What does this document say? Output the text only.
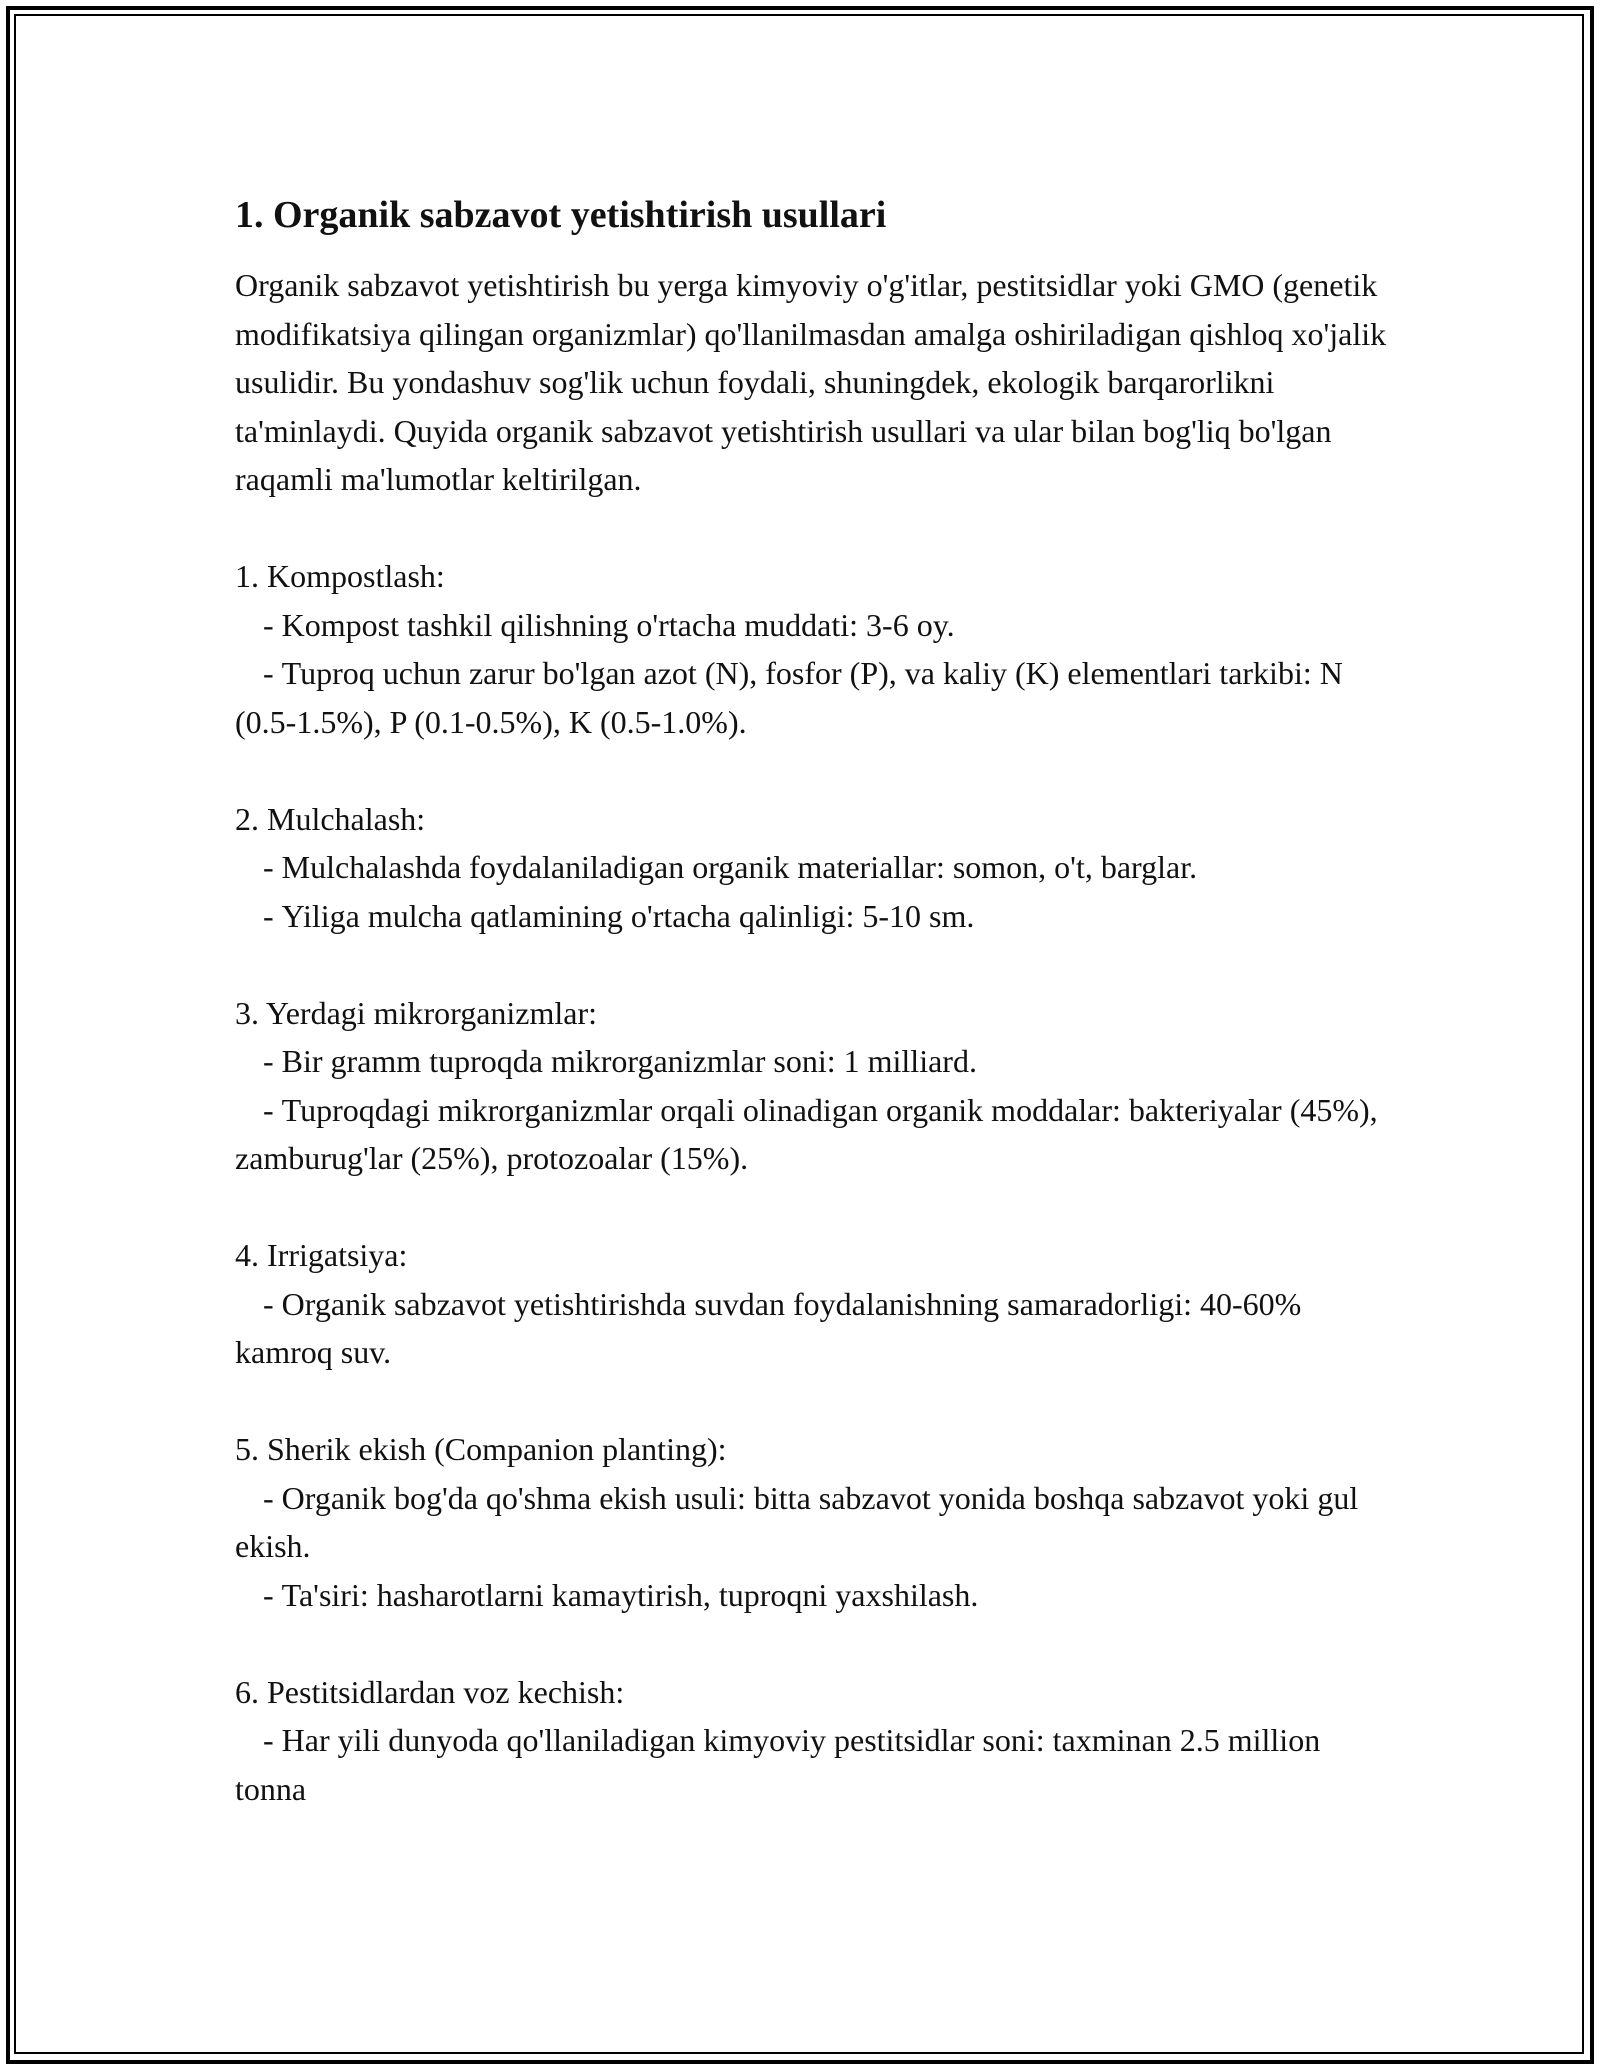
1. Organik sabzavot yetishtirish usullari

Organik sabzavot yetishtirish bu yerga kimyoviy o'g'itlar, pestitsidlar yoki GMO (genetik modifikatsiya qilingan organizmlar) qo'llanilmasdan amalga oshiriladigan qishloq xo'jalik usulidir. Bu yondashuv sog'lik uchun foydali, shuningdek, ekologik barqarorlikni ta'minlaydi. Quyida organik sabzavot yetishtirish usullari va ular bilan bog'liq bo'lgan raqamli ma'lumotlar keltirilgan.

1. Kompostlash:
- Kompost tashkil qilishning o'rtacha muddati: 3-6 oy.
- Tuproq uchun zarur bo'lgan azot (N), fosfor (P), va kaliy (K) elementlari tarkibi: N (0.5-1.5%), P (0.1-0.5%), K (0.5-1.0%).
2. Mulchalash:
- Mulchalashda foydalaniladigan organik materiallar: somon, o't, barglar.
- Yiliga mulcha qatlamining o'rtacha qalinligi: 5-10 sm.
3. Yerdagi mikrorganizmlar:
- Bir gramm tuproqda mikrorganizmlar soni: 1 milliard.
- Tuproqdagi mikrorganizmlar orqali olinadigan organik moddalar: bakteriyalar (45%), zamburug'lar (25%), protozoalar (15%).
4. Irrigatsiya:
- Organik sabzavot yetishtirishda suvdan foydalanishning samaradorligi: 40-60% kamroq suv.
5. Sherik ekish (Companion planting):
- Organik bog'da qo'shma ekish usuli: bitta sabzavot yonida boshqa sabzavot yoki gul ekish.
- Ta'siri: hasharotlarni kamaytirish, tuproqni yaxshilash.
6. Pestitsidlardan voz kechish:
- Har yili dunyoda qo'llaniladigan kimyoviy pestitsidlar soni: taxminan 2.5 million tonna
